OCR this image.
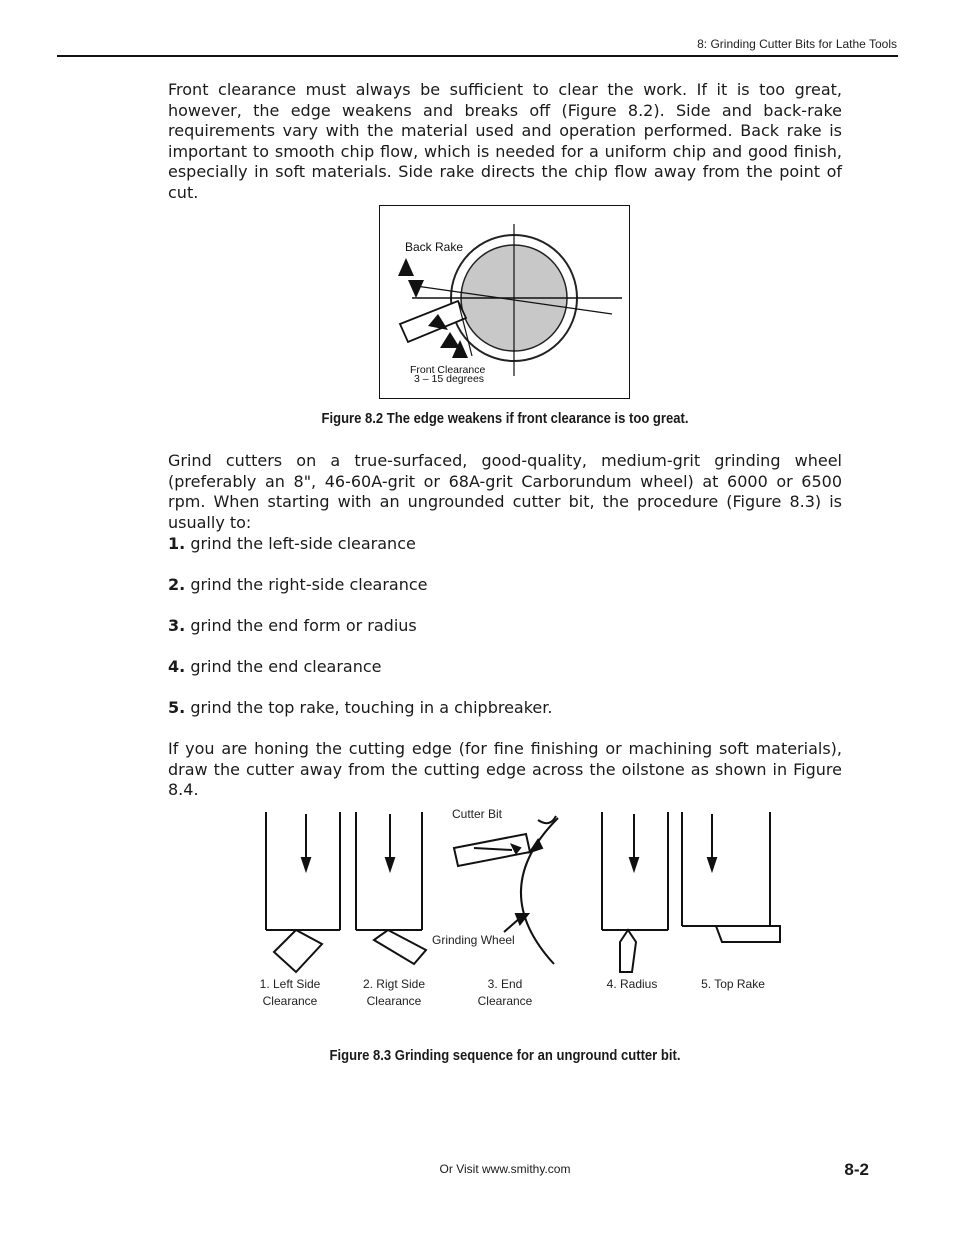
8: Grinding Cutter Bits for Lathe Tools

Front clearance must always be sufficient to clear the work. If it is too great, however, the edge weakens and breaks off (Figure 8.2). Side and back-rake requirements vary with the material used and operation performed. Back rake is important to smooth chip flow, which is needed for a uniform chip and good finish, especially in soft materials. Side rake directs the chip flow away from the point of cut.

Back Rake
Front Clearance
3 – 15 degrees
Figure 8.2 The edge weakens if front clearance is too great.

Grind cutters on a true-surfaced, good-quality, medium-grit grinding wheel (preferably an 8", 46-60A-grit or 68A-grit Carborundum wheel) at 6000 or 6500 rpm. When starting with an ungrounded cutter bit, the procedure (Figure 8.3) is usually to:

1. grind the left-side clearance
2. grind the right-side clearance
3. grind the end form or radius
4. grind the end clearance
5. grind the top rake, touching in a chipbreaker.

If you are honing the cutting edge (for fine finishing or machining soft materials), draw the cutter away from the cutting edge across the oilstone as shown in Figure 8.4.

Cutter Bit
Grinding Wheel
1. Left Side
Clearance
2. Rigt Side
Clearance
3. End
Clearance
4. Radius	5. Top Rake
Figure 8.3 Grinding sequence for an unground cutter bit.
Or Visit www.smithy.com	8-2
